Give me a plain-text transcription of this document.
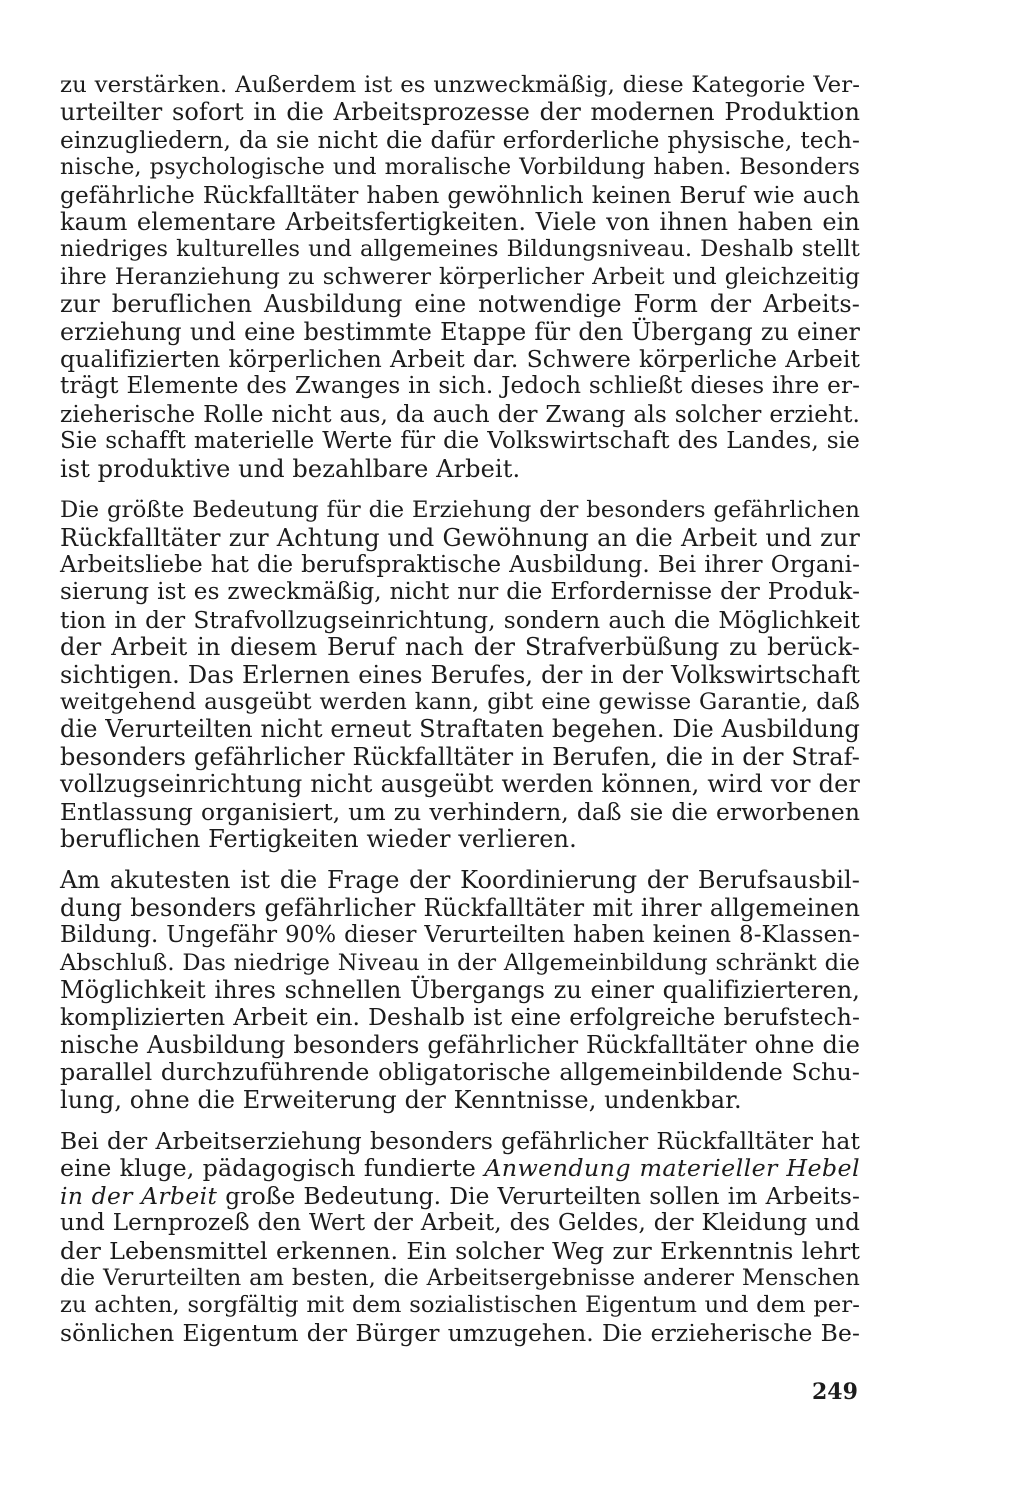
zu verstärken. Außerdem ist es unzweckmäßig, diese Kategorie Ver-
urteilter sofort in die Arbeitsprozesse der modernen Produktion
einzugliedern, da sie nicht die dafür erforderliche physische, tech-
nische, psychologische und moralische Vorbildung haben. Besonders
gefährliche Rückfalltäter haben gewöhnlich keinen Beruf wie auch
kaum elementare Arbeitsfertigkeiten. Viele von ihnen haben ein
niedriges kulturelles und allgemeines Bildungsniveau. Deshalb stellt
ihre Heranziehung zu schwerer körperlicher Arbeit und gleichzeitig
zur beruflichen Ausbildung eine notwendige Form der Arbeits-
erziehung und eine bestimmte Etappe für den Übergang zu einer
qualifizierten körperlichen Arbeit dar. Schwere körperliche Arbeit
trägt Elemente des Zwanges in sich. Jedoch schließt dieses ihre er-
zieherische Rolle nicht aus, da auch der Zwang als solcher erzieht.
Sie schafft materielle Werte für die Volkswirtschaft des Landes, sie
ist produktive und bezahlbare Arbeit.
Die größte Bedeutung für die Erziehung der besonders gefährlichen
Rückfalltäter zur Achtung und Gewöhnung an die Arbeit und zur
Arbeitsliebe hat die berufspraktische Ausbildung. Bei ihrer Organi-
sierung ist es zweckmäßig, nicht nur die Erfordernisse der Produk-
tion in der Strafvollzugseinrichtung, sondern auch die Möglichkeit
der Arbeit in diesem Beruf nach der Strafverbüßung zu berück-
sichtigen. Das Erlernen eines Berufes, der in der Volkswirtschaft
weitgehend ausgeübt werden kann, gibt eine gewisse Garantie, daß
die Verurteilten nicht erneut Straftaten begehen. Die Ausbildung
besonders gefährlicher Rückfalltäter in Berufen, die in der Straf-
vollzugseinrichtung nicht ausgeübt werden können, wird vor der
Entlassung organisiert, um zu verhindern, daß sie die erworbenen
beruflichen Fertigkeiten wieder verlieren.
Am akutesten ist die Frage der Koordinierung der Berufsausbil-
dung besonders gefährlicher Rückfalltäter mit ihrer allgemeinen
Bildung. Ungefähr 90% dieser Verurteilten haben keinen 8-Klassen-
Abschluß. Das niedrige Niveau in der Allgemeinbildung schränkt die
Möglichkeit ihres schnellen Übergangs zu einer qualifizierteren,
komplizierten Arbeit ein. Deshalb ist eine erfolgreiche berufstech-
nische Ausbildung besonders gefährlicher Rückfalltäter ohne die
parallel durchzuführende obligatorische allgemeinbildende Schu-
lung, ohne die Erweiterung der Kenntnisse, undenkbar.
Bei der Arbeitserziehung besonders gefährlicher Rückfalltäter hat
eine kluge, pädagogisch fundierte Anwendung materieller Hebel
in der Arbeit große Bedeutung. Die Verurteilten sollen im Arbeits-
und Lernprozeß den Wert der Arbeit, des Geldes, der Kleidung und
der Lebensmittel erkennen. Ein solcher Weg zur Erkenntnis lehrt
die Verurteilten am besten, die Arbeitsergebnisse anderer Menschen
zu achten, sorgfältig mit dem sozialistischen Eigentum und dem per-
sönlichen Eigentum der Bürger umzugehen. Die erzieherische Be-
249
